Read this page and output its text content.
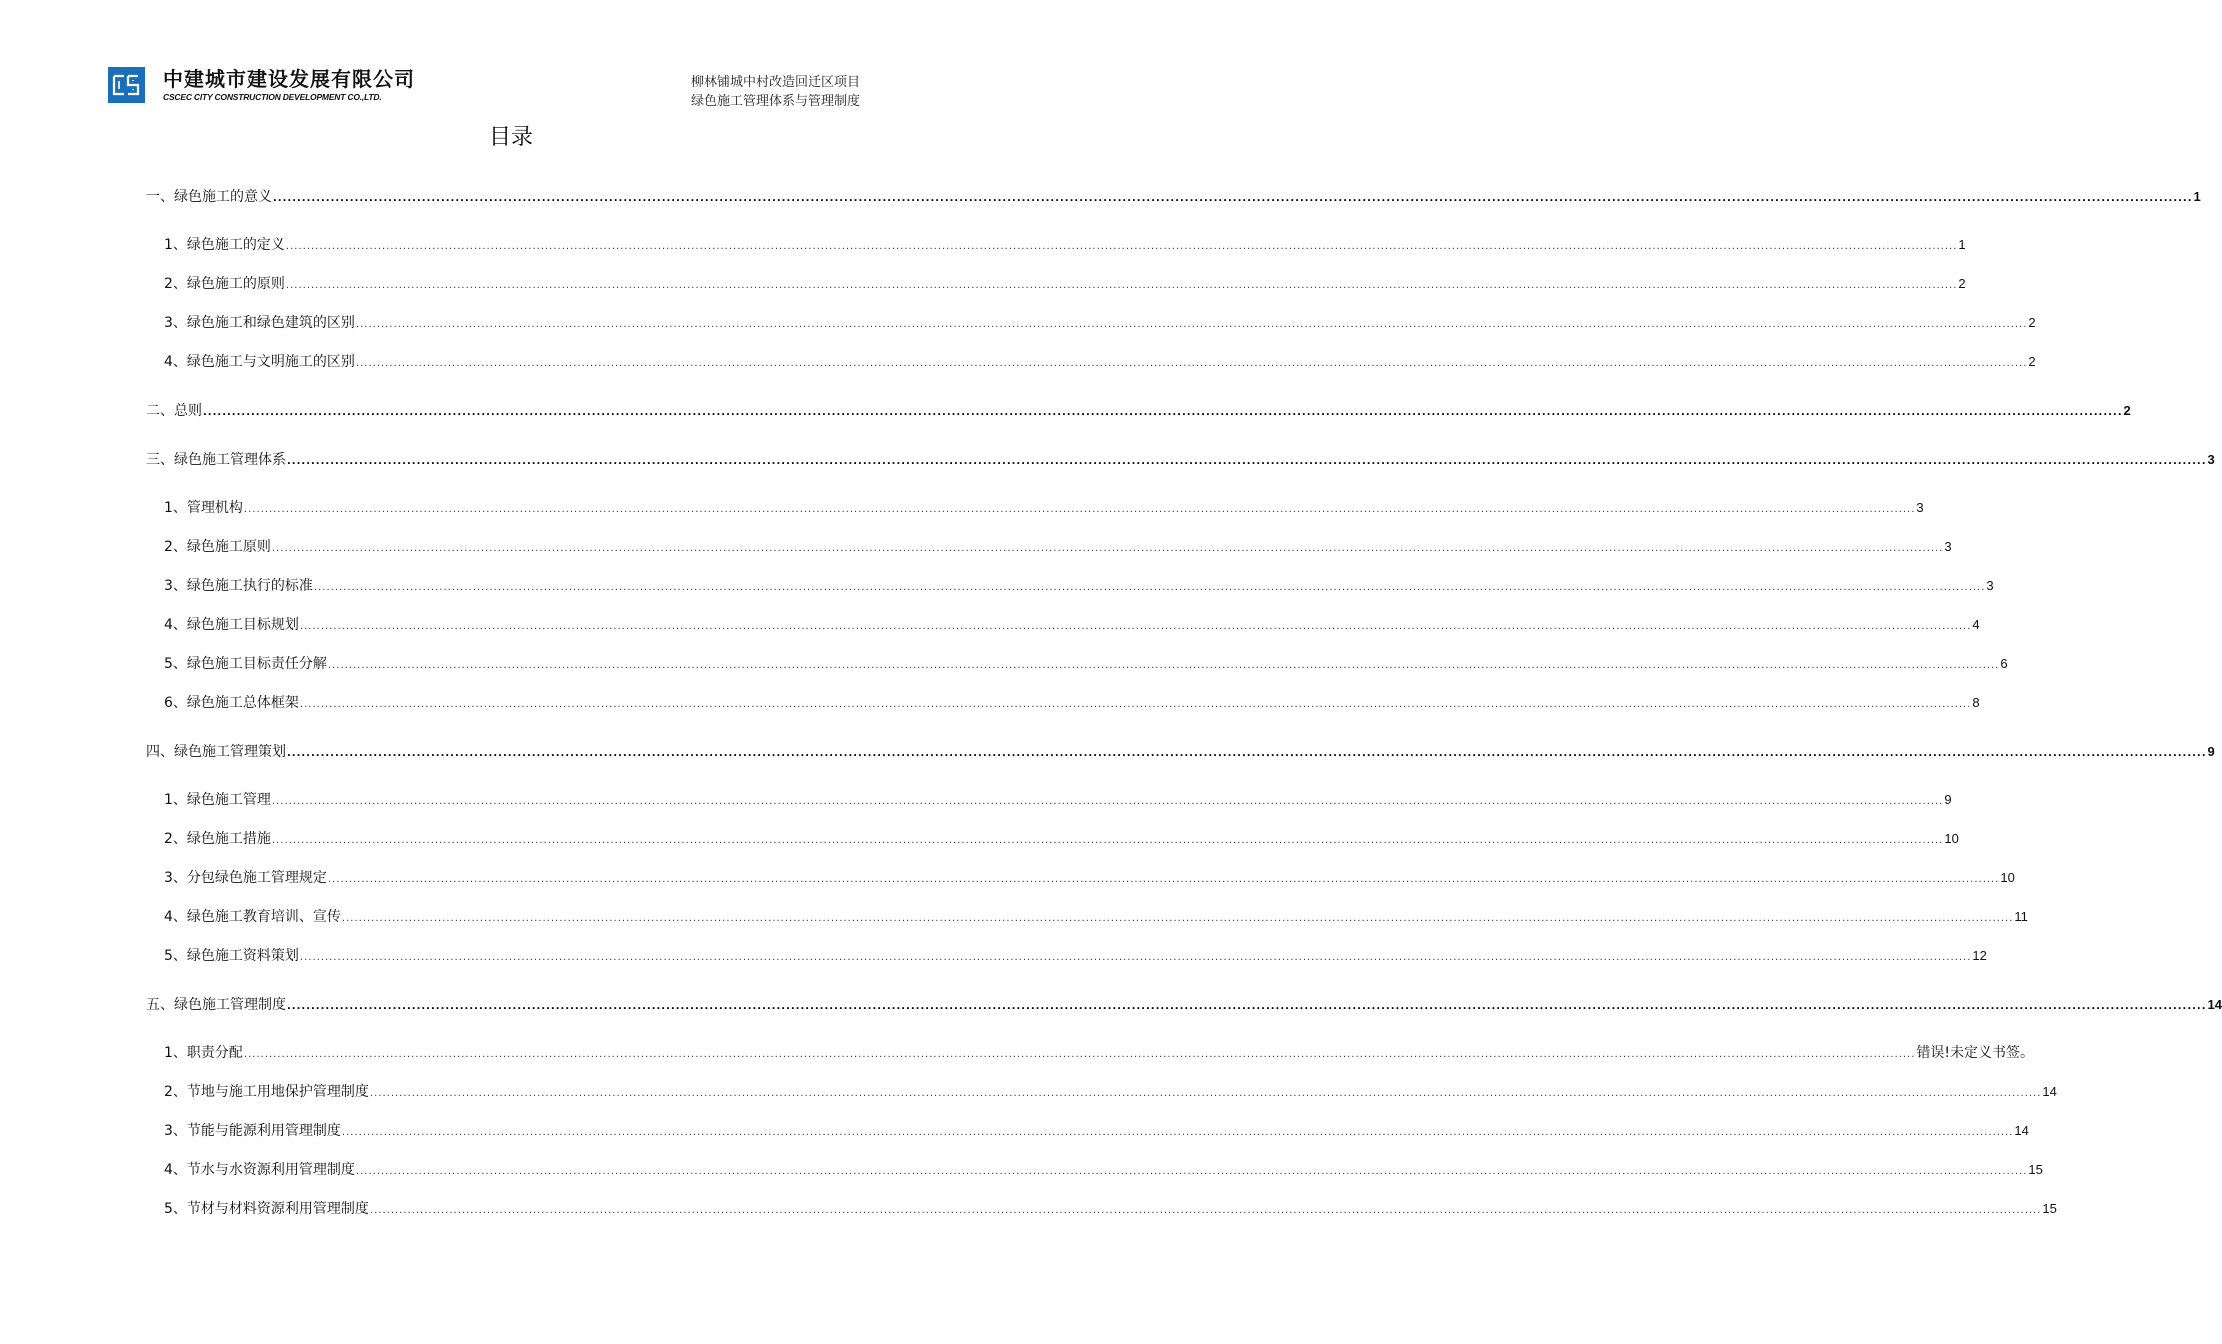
中建城市建设发展有限公司
CSCEC CITY CONSTRUCTION DEVELOPMENT CO.,LTD.
柳林铺城中村改造回迁区项目
绿色施工管理体系与管理制度
目录
一、绿色施工的意义 ................................................................................................................................................................................................................................................................................................................................................................................................................ 1
1、绿色施工的定义 ................................................................................................................................................................................................................................................................................................................................................................................................................ 1
2、绿色施工的原则 ................................................................................................................................................................................................................................................................................................................................................................................................................ 2
3、绿色施工和绿色建筑的区别 ................................................................................................................................................................................................................................................................................................................................................................................................................ 2
4、绿色施工与文明施工的区别 ................................................................................................................................................................................................................................................................................................................................................................................................................ 2
二、总则 ................................................................................................................................................................................................................................................................................................................................................................................................................ 2
三、绿色施工管理体系 ................................................................................................................................................................................................................................................................................................................................................................................................................ 3
1、管理机构 ................................................................................................................................................................................................................................................................................................................................................................................................................ 3
2、绿色施工原则 ................................................................................................................................................................................................................................................................................................................................................................................................................ 3
3、绿色施工执行的标准 ................................................................................................................................................................................................................................................................................................................................................................................................................ 3
4、绿色施工目标规划 ................................................................................................................................................................................................................................................................................................................................................................................................................ 4
5、绿色施工目标责任分解 ................................................................................................................................................................................................................................................................................................................................................................................................................ 6
6、绿色施工总体框架 ................................................................................................................................................................................................................................................................................................................................................................................................................ 8
四、绿色施工管理策划 ................................................................................................................................................................................................................................................................................................................................................................................................................ 9
1、绿色施工管理 ................................................................................................................................................................................................................................................................................................................................................................................................................ 9
2、绿色施工措施 ................................................................................................................................................................................................................................................................................................................................................................................................................ 10
3、分包绿色施工管理规定 ................................................................................................................................................................................................................................................................................................................................................................................................................ 10
4、绿色施工教育培训、宣传 ................................................................................................................................................................................................................................................................................................................................................................................................................ 11
5、绿色施工资料策划 ................................................................................................................................................................................................................................................................................................................................................................................................................ 12
五、绿色施工管理制度 ................................................................................................................................................................................................................................................................................................................................................................................................................ 14
1、职责分配 ................................................................................................................................................................................................................................................................................................................................................................................................................ 错误!未定义书签。
2、节地与施工用地保护管理制度 ................................................................................................................................................................................................................................................................................................................................................................................................................ 14
3、节能与能源利用管理制度 ................................................................................................................................................................................................................................................................................................................................................................................................................ 14
4、节水与水资源利用管理制度 ................................................................................................................................................................................................................................................................................................................................................................................................................ 15
5、节材与材料资源利用管理制度 ................................................................................................................................................................................................................................................................................................................................................................................................................ 15
